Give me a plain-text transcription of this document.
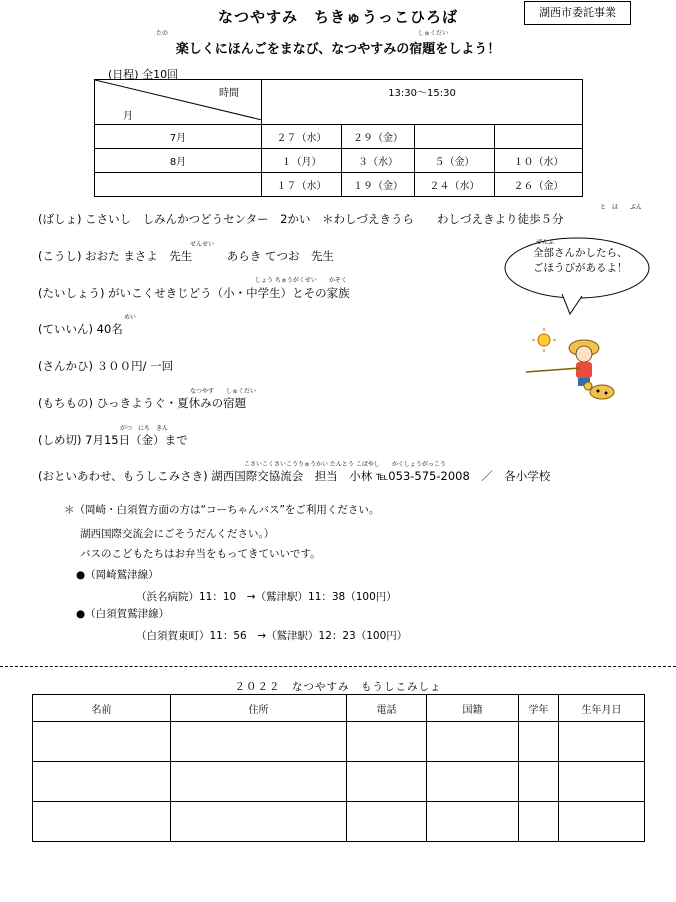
なつやすみ　ちきゅうっこひろば	湖西市委託事業
たの	しゅくだい
楽しくにほんごをまなび、なつやすみの宿題をしよう！
(日程) 全10回
時間
月	13:30〜15:30			
7月	２７（水）	２９（金）		
8月	１（月）	３（水）	５（金）	１０（水）
	１７（水）	１９（金）	２４（水）	２６（金）
と　ほ　　ぶん
(ばしょ) こさいし　しみんかつどうセンター　2かい　＊わしづえきうら　　わしづえきより徒歩５分
せんせい
(こうし) おおた まさよ　先生　　　あらき てつお　先生
しょう ちゅうがくせい　　かぞく
(たいしょう) がいこくせきじどう（小・中学生）とその家族
めい
(ていいん) 40名
(さんかひ) ３００円/ 一回
なつやす　　しゅくだい
(もちもの) ひっきようぐ・夏休みの宿題
がつ　にち　きん
(しめ切) 7月15日（金）まで
こさいこくさいこうりゅうかい たんとう こばやし　　かくしょうがっこう
(おといあわせ、もうしこみさき) 湖西国際交協流会　担当　小林 ℡053-575-2008　／　各小学校
ぜんぶ
全部さんかしたら、ごほうびがあるよ！
＊（岡崎・白須賀方面の方は“コーちゃんバス”をご利用ください。
湖西国際交流会にごそうだんください。）
バスのこどもたちはお弁当をもってきていいです。
●（岡崎鷲津線）
（浜名病院）11：10　→（鷲津駅）11：38（100円）
●（白須賀鷲津線）
（白須賀東町）11：56　→（鷲津駅）12：23（100円）
２０２２　なつやすみ　もうしこみしょ
名前	住所	電話	国籍	学年	生年月日
